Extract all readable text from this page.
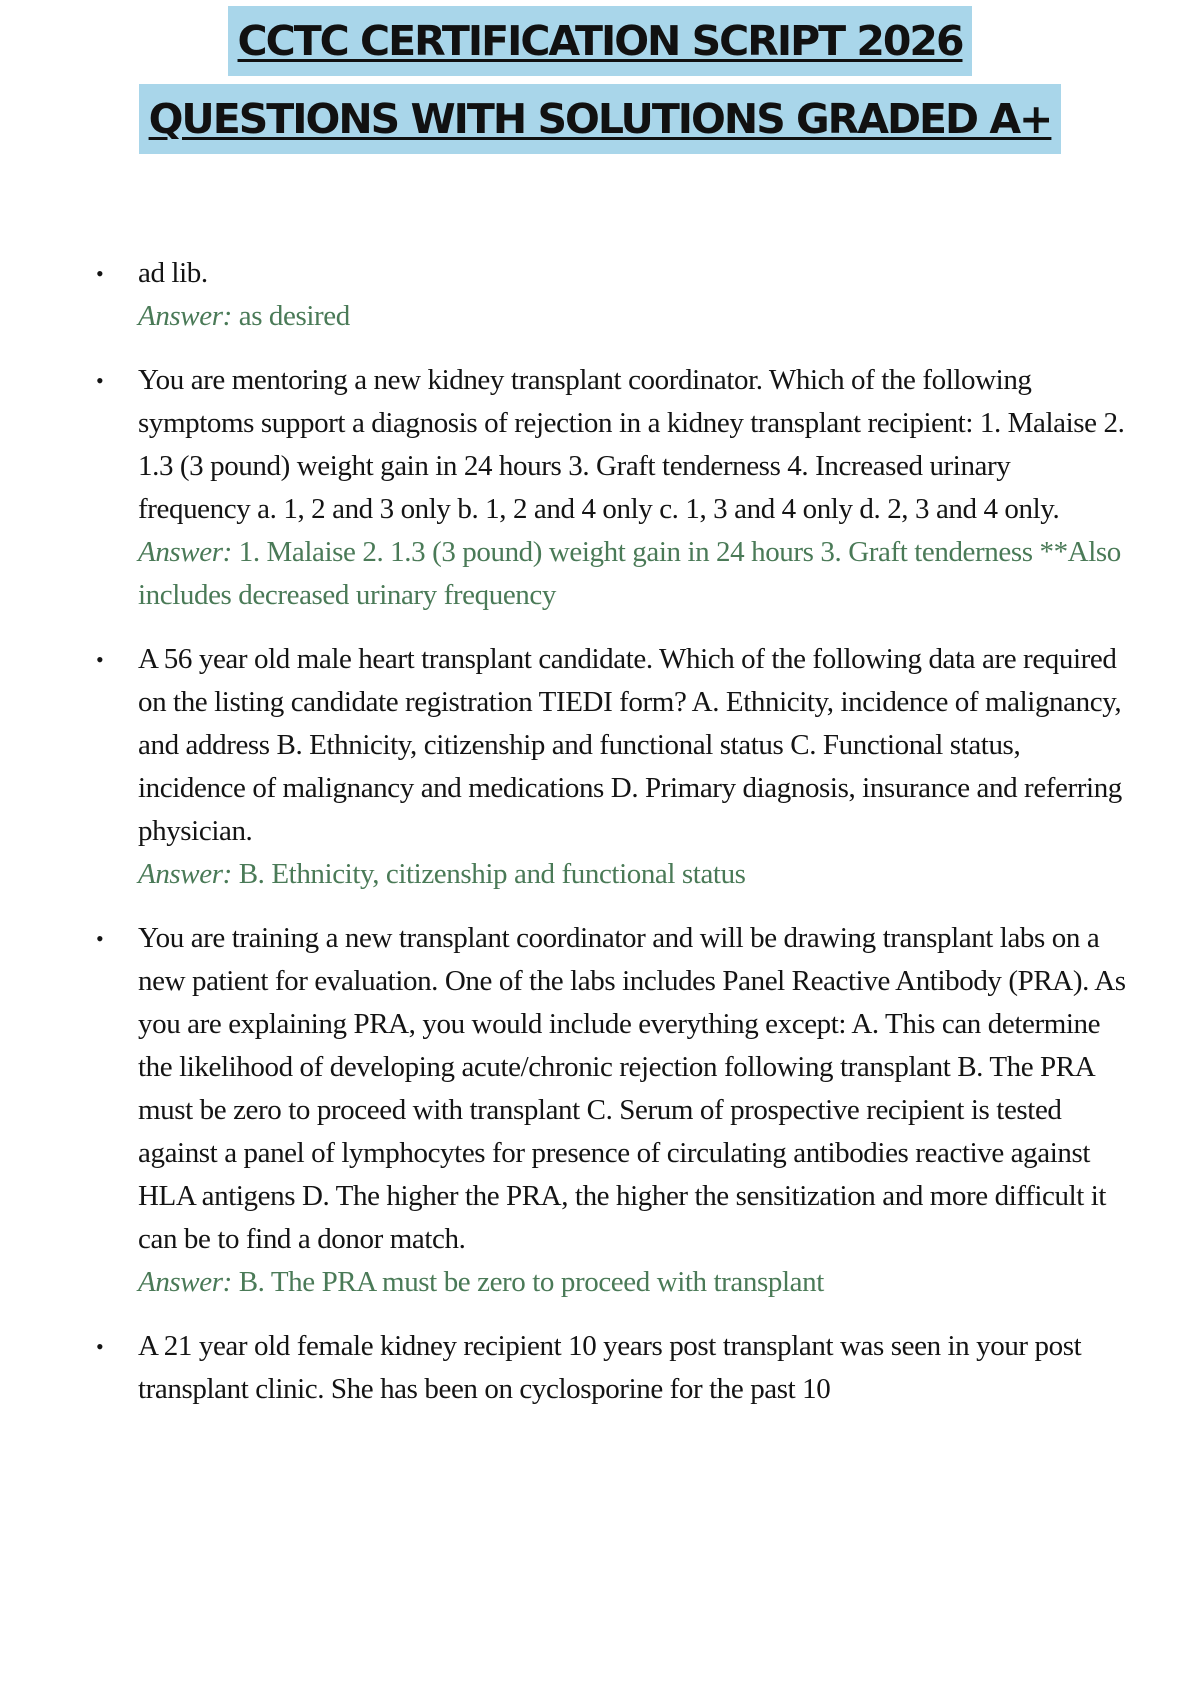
CCTC CERTIFICATION SCRIPT 2026
QUESTIONS WITH SOLUTIONS GRADED A+
•	ad lib.
Answer: as desired
•	You are mentoring a new kidney transplant coordinator. Which of the following symptoms support a diagnosis of rejection in a kidney transplant recipient: 1. Malaise 2. 1.3 (3 pound) weight gain in 24 hours 3. Graft tenderness 4. Increased urinary frequency a. 1, 2 and 3 only b. 1, 2 and 4 only c. 1, 3 and 4 only d. 2, 3 and 4 only.
Answer: 1. Malaise 2. 1.3 (3 pound) weight gain in 24 hours 3. Graft tenderness **Also includes decreased urinary frequency
•	A 56 year old male heart transplant candidate. Which of the following data are required on the listing candidate registration TIEDI form? A. Ethnicity, incidence of malignancy, and address B. Ethnicity, citizenship and functional status C. Functional status, incidence of malignancy and medications D. Primary diagnosis, insurance and referring physician.
Answer: B. Ethnicity, citizenship and functional status
•	You are training a new transplant coordinator and will be drawing transplant labs on a new patient for evaluation. One of the labs includes Panel Reactive Antibody (PRA). As you are explaining PRA, you would include everything except: A. This can determine the likelihood of developing acute/chronic rejection following transplant B. The PRA must be zero to proceed with transplant C. Serum of prospective recipient is tested against a panel of lymphocytes for presence of circulating antibodies reactive against HLA antigens D. The higher the PRA, the higher the sensitization and more difficult it can be to find a donor match.
Answer: B. The PRA must be zero to proceed with transplant
•	A 21 year old female kidney recipient 10 years post transplant was seen in your post transplant clinic. She has been on cyclosporine for the past 10
